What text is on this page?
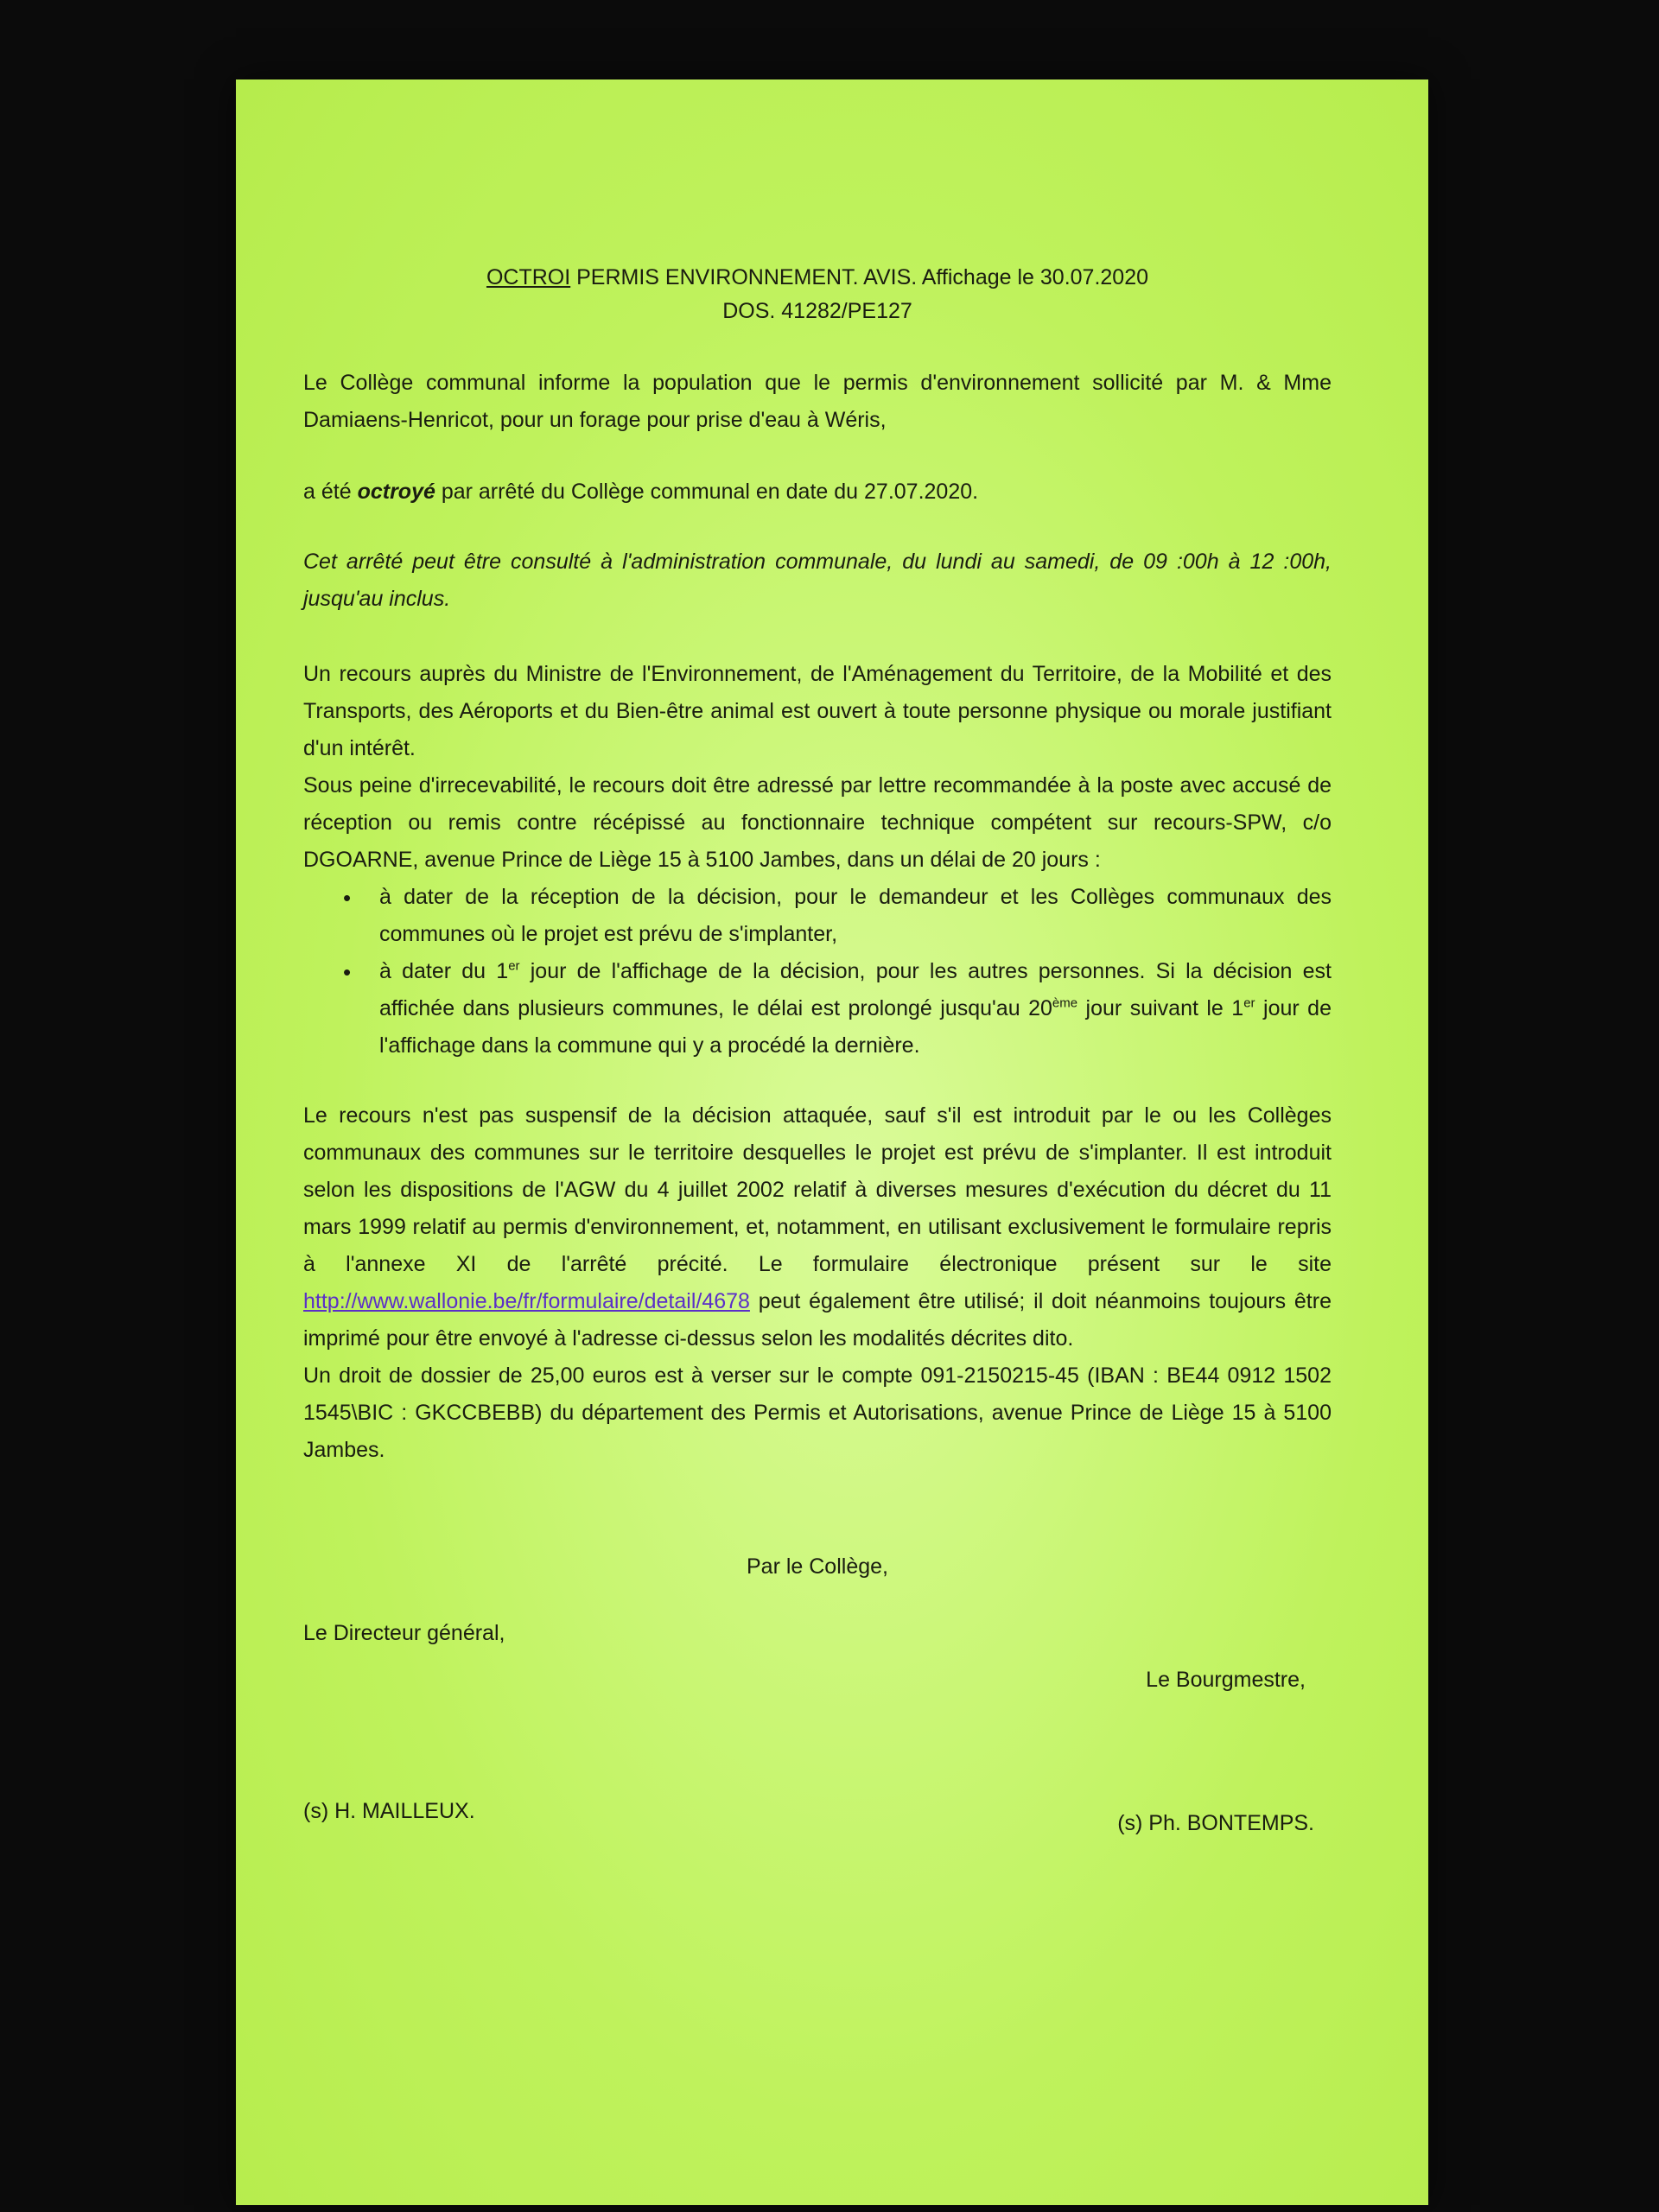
OCTROI PERMIS ENVIRONNEMENT. AVIS. Affichage le 30.07.2020
DOS. 41282/PE127

Le Collège communal informe la population que le permis d'environnement sollicité par M. & Mme Damiaens-Henricot, pour un forage pour prise d'eau à Wéris,

a été octroyé par arrêté du Collège communal en date du 27.07.2020.

Cet arrêté peut être consulté à l'administration communale, du lundi au samedi, de 09 :00h à 12 :00h, jusqu'au inclus.

Un recours auprès du Ministre de l'Environnement, de l'Aménagement du Territoire, de la Mobilité et des Transports, des Aéroports et du Bien-être animal est ouvert à toute personne physique ou morale justifiant d'un intérêt.

Sous peine d'irrecevabilité, le recours doit être adressé par lettre recommandée à la poste avec accusé de réception ou remis contre récépissé au fonctionnaire technique compétent sur recours-SPW, c/o DGOARNE, avenue Prince de Liège 15 à 5100 Jambes, dans un délai de 20 jours :

• à dater de la réception de la décision, pour le demandeur et les Collèges communaux des communes où le projet est prévu de s'implanter,
• à dater du 1er jour de l'affichage de la décision, pour les autres personnes. Si la décision est affichée dans plusieurs communes, le délai est prolongé jusqu'au 20ème jour suivant le 1er jour de l'affichage dans la commune qui y a procédé la dernière.

Le recours n'est pas suspensif de la décision attaquée, sauf s'il est introduit par le ou les Collèges communaux des communes sur le territoire desquelles le projet est prévu de s'implanter. Il est introduit selon les dispositions de l'AGW du 4 juillet 2002 relatif à diverses mesures d'exécution du décret du 11 mars 1999 relatif au permis d'environnement, et, notamment, en utilisant exclusivement le formulaire repris à l'annexe XI de l'arrêté précité. Le formulaire électronique présent sur le site http://www.wallonie.be/fr/formulaire/detail/4678 peut également être utilisé; il doit néanmoins toujours être imprimé pour être envoyé à l'adresse ci-dessus selon les modalités décrites dito.

Un droit de dossier de 25,00 euros est à verser sur le compte 091-2150215-45 (IBAN : BE44 0912 1502 1545\BIC : GKCCBEBB) du département des Permis et Autorisations, avenue Prince de Liège 15 à 5100 Jambes.

Par le Collège,
Le Directeur général,
Le Bourgmestre,
(s) H. MAILLEUX.	(s) Ph. BONTEMPS.
